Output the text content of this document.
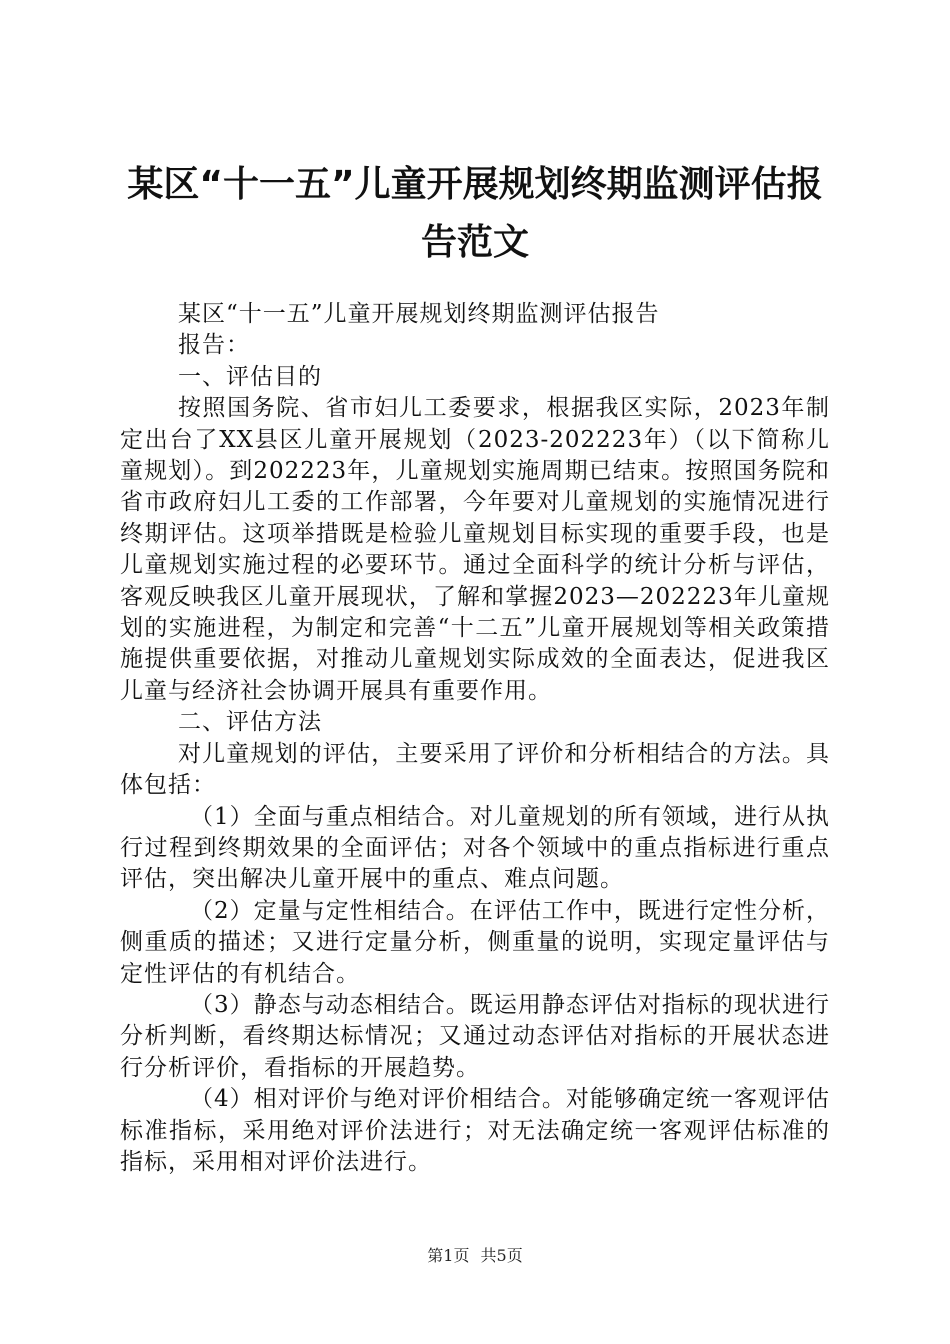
某区“十一五”儿童开展规划终期监测评估报
告范文

某区“十一五”儿童开展规划终期监测评估报告

报告：

一、评估目的

按照国务院、省市妇儿工委要求，根据我区实际，2023年制定出台了XX县区儿童开展规划（2023-202223年）（以下简称儿童规划）。到202223年，儿童规划实施周期已结束。按照国务院和省市政府妇儿工委的工作部署，今年要对儿童规划的实施情况进行终期评估。这项举措既是检验儿童规划目标实现的重要手段，也是儿童规划实施过程的必要环节。通过全面科学的统计分析与评估，客观反映我区儿童开展现状，了解和掌握2023—202223年儿童规划的实施进程，为制定和完善“十二五”儿童开展规划等相关政策措施提供重要依据，对推动儿童规划实际成效的全面表达，促进我区儿童与经济社会协调开展具有重要作用。

二、评估方法

对儿童规划的评估，主要采用了评价和分析相结合的方法。具体包括：

（1）全面与重点相结合。对儿童规划的所有领域，进行从执行过程到终期效果的全面评估；对各个领域中的重点指标进行重点评估，突出解决儿童开展中的重点、难点问题。

（2）定量与定性相结合。在评估工作中，既进行定性分析，侧重质的描述；又进行定量分析，侧重量的说明，实现定量评估与定性评估的有机结合。

（3）静态与动态相结合。既运用静态评估对指标的现状进行分析判断，看终期达标情况；又通过动态评估对指标的开展状态进行分析评价，看指标的开展趋势。

（4）相对评价与绝对评价相结合。对能够确定统一客观评估标准指标，采用绝对评价法进行；对无法确定统一客观评估标准的指标，采用相对评价法进行。

第1页 共5页
